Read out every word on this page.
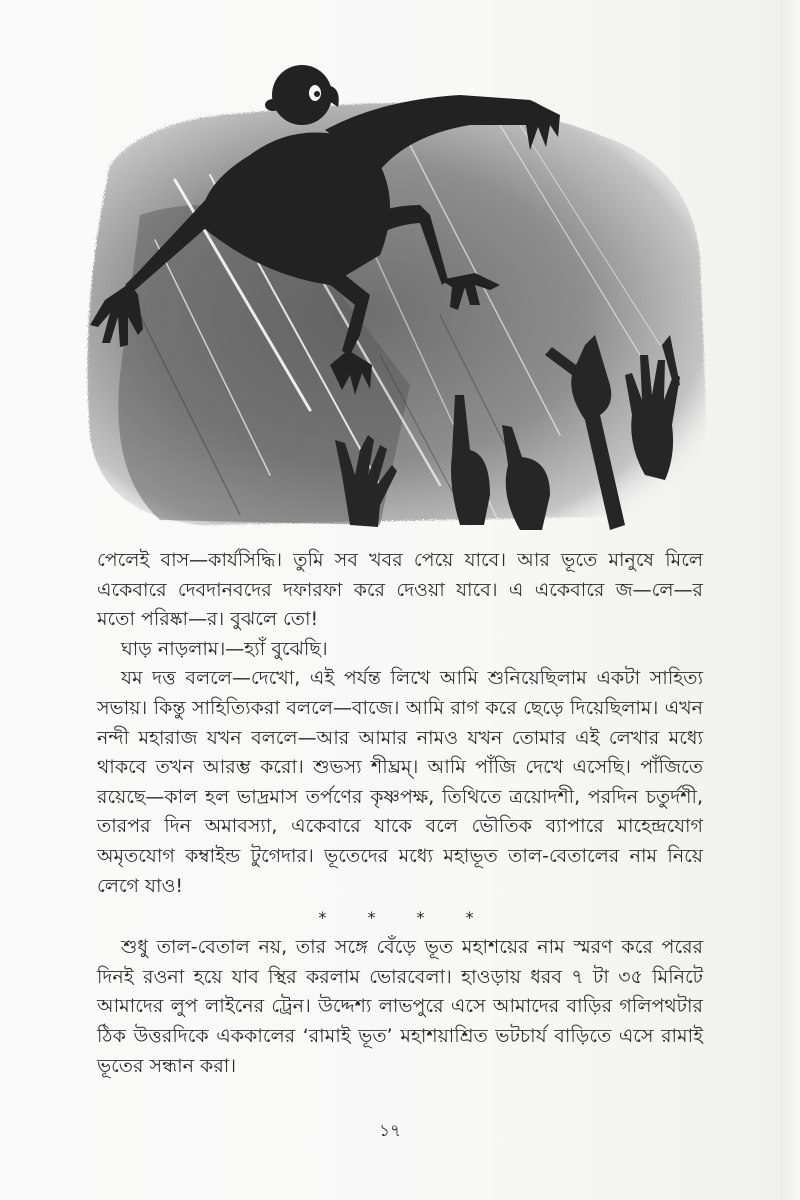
পেলেই বাস—কার্যসিদ্ধি। তুমি সব খবর পেয়ে যাবে। আর ভূতে মানুষে মিলে একেবারে দেবদানবদের দফারফা করে দেওয়া যাবে। এ একেবারে জ—লে—র মতো পরিষ্কা—র। বুঝলে তো!

ঘাড় নাড়লাম।—হ্যাঁ বুঝেছি।

যম দত্ত বললে—দেখো, এই পর্যন্ত লিখে আমি শুনিয়েছিলাম একটা সাহিত্য সভায়। কিন্তু সাহিত্যিকরা বললে—বাজে। আমি রাগ করে ছেড়ে দিয়েছিলাম। এখন নন্দী মহারাজ যখন বললে—আর আমার নামও যখন তোমার এই লেখার মধ্যে থাকবে তখন আরম্ভ করো। শুভস্য শীঘ্রম্। আমি পাঁজি দেখে এসেছি। পাঁজিতে রয়েছে—কাল হল ভাদ্রমাস তর্পণের কৃষ্ণপক্ষ, তিথিতে ত্রয়োদশী, পরদিন চতুর্দশী, তারপর দিন অমাবস্যা, একেবারে যাকে বলে ভৌতিক ব্যাপারে মাহেন্দ্রযোগ অমৃতযোগ কম্বাইন্ড টুগেদার। ভূতেদের মধ্যে মহাভূত তাল-বেতালের নাম নিয়ে লেগে যাও!

* * * *

শুধু তাল-বেতাল নয়, তার সঙ্গে বেঁড়ে ভূত মহাশয়ের নাম স্মরণ করে পরের দিনই রওনা হয়ে যাব স্থির করলাম ভোরবেলা। হাওড়ায় ধরব ৭ টা ৩৫ মিনিটে আমাদের লুপ লাইনের ট্রেন। উদ্দেশ্য লাভপুরে এসে আমাদের বাড়ির গলিপথটার ঠিক উত্তরদিকে এককালের ‘রামাই ভূত’ মহাশয়াশ্রিত ভটচার্য বাড়িতে এসে রামাই ভূতের সন্ধান করা।

১৭
